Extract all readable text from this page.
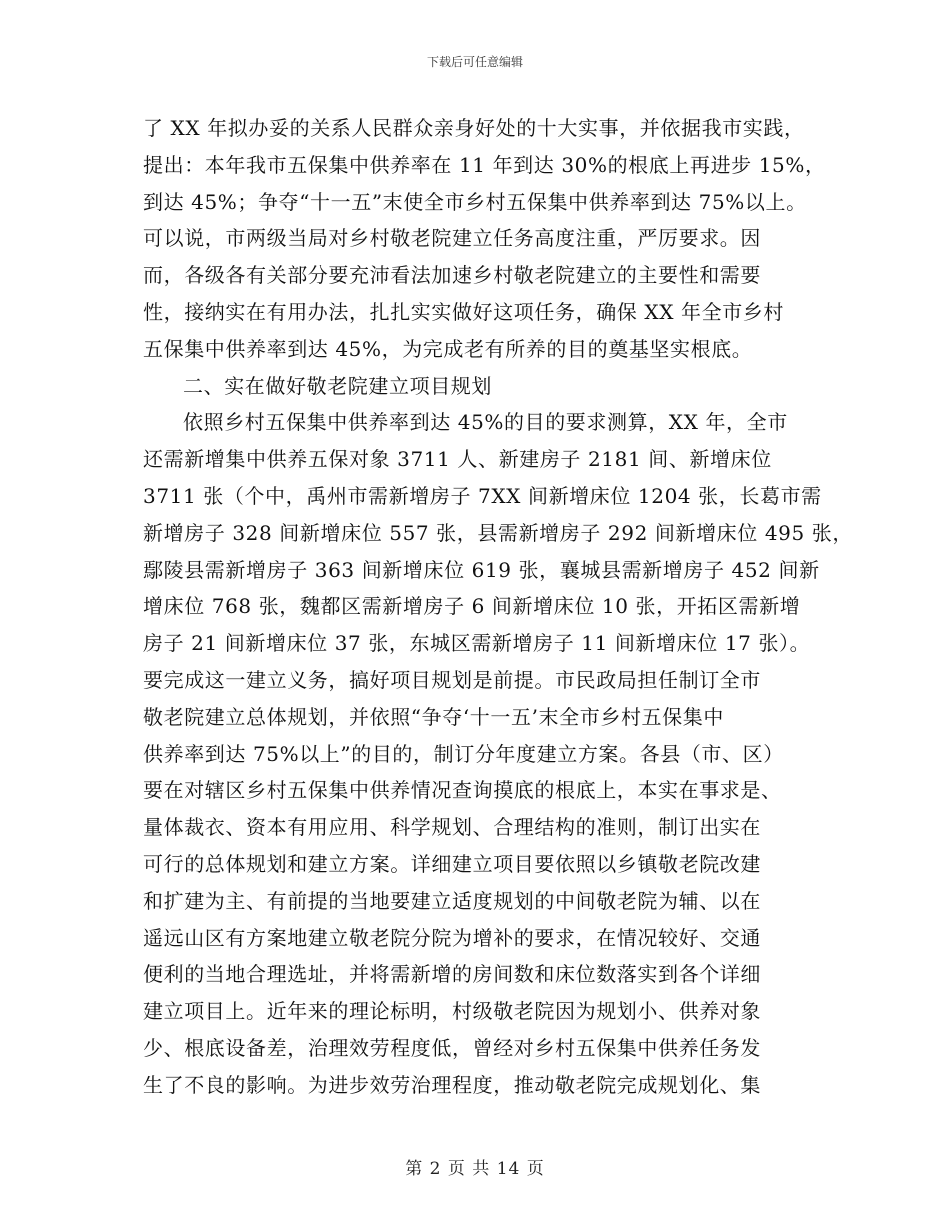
下载后可任意编辑
了 XX 年拟办妥的关系人民群众亲身好处的十大实事，并依据我市实践，
提出：本年我市五保集中供养率在 11 年到达 30%的根底上再进步 15%，
到达 45%；争夺“十一五”末使全市乡村五保集中供养率到达 75%以上。
可以说，市两级当局对乡村敬老院建立任务高度注重，严厉要求。因
而，各级各有关部分要充沛看法加速乡村敬老院建立的主要性和需要
性，接纳实在有用办法，扎扎实实做好这项任务，确保 XX 年全市乡村
五保集中供养率到达 45%，为完成老有所养的目的奠基坚实根底。
二、实在做好敬老院建立项目规划
依照乡村五保集中供养率到达 45%的目的要求测算，XX 年，全市
还需新增集中供养五保对象 3711 人、新建房子 2181 间、新增床位
3711 张（个中，禹州市需新增房子 7XX 间新增床位 1204 张，长葛市需
新增房子 328 间新增床位 557 张，县需新增房子 292 间新增床位 495 张，
鄢陵县需新增房子 363 间新增床位 619 张，襄城县需新增房子 452 间新
增床位 768 张，魏都区需新增房子 6 间新增床位 10 张，开拓区需新增
房子 21 间新增床位 37 张，东城区需新增房子 11 间新增床位 17 张）。
要完成这一建立义务，搞好项目规划是前提。市民政局担任制订全市
敬老院建立总体规划，并依照“争夺‘十一五’末全市乡村五保集中
供养率到达 75%以上”的目的，制订分年度建立方案。各县（市、区）
要在对辖区乡村五保集中供养情况查询摸底的根底上，本实在事求是、
量体裁衣、资本有用应用、科学规划、合理结构的准则，制订出实在
可行的总体规划和建立方案。详细建立项目要依照以乡镇敬老院改建
和扩建为主、有前提的当地要建立适度规划的中间敬老院为辅、以在
遥远山区有方案地建立敬老院分院为增补的要求，在情况较好、交通
便利的当地合理选址，并将需新增的房间数和床位数落实到各个详细
建立项目上。近年来的理论标明，村级敬老院因为规划小、供养对象
少、根底设备差，治理效劳程度低，曾经对乡村五保集中供养任务发
生了不良的影响。为进步效劳治理程度，推动敬老院完成规划化、集
第 2 页 共 14 页
